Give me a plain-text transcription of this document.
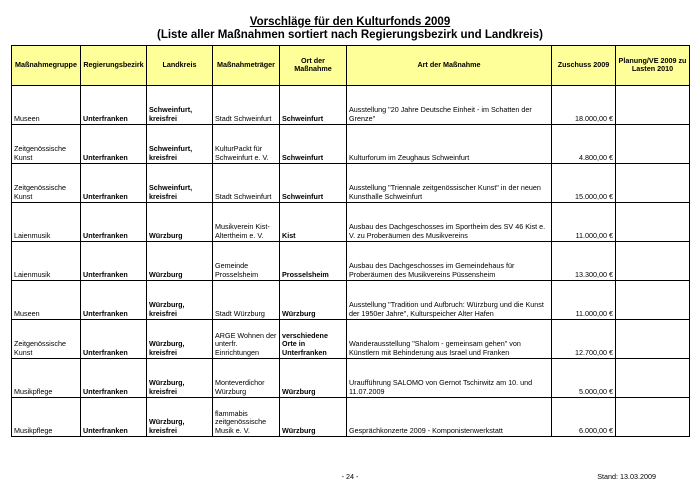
Vorschläge für den Kulturfonds 2009
(Liste aller Maßnahmen sortiert nach Regierungsbezirk und Landkreis)
Maßnahmegruppe	Regierungsbezirk	Landkreis	Maßnahmeträger	Ort der Maßnahme	Art der Maßnahme	Zuschuss 2009	Planung/VE 2009 zu Lasten 2010
Museen	Unterfranken	Schweinfurt, kreisfrei	Stadt Schweinfurt	Schweinfurt	Ausstellung "20 Jahre Deutsche Einheit - im Schatten der Grenze"	18.000,00 €	
Zeitgenössische Kunst	Unterfranken	Schweinfurt, kreisfrei	KulturPackt für Schweinfurt e. V.	Schweinfurt	Kulturforum im Zeughaus Schweinfurt	4.800,00 €	
Zeitgenössische Kunst	Unterfranken	Schweinfurt, kreisfrei	Stadt Schweinfurt	Schweinfurt	Ausstellung "Triennale zeitgenössischer Kunst" in der neuen Kunsthalle Schweinfurt	15.000,00 €	
Laienmusik	Unterfranken	Würzburg	Musikverein Kist-Altertheim e. V.	Kist	Ausbau des Dachgeschosses im Sportheim des SV 46 Kist e. V. zu Proberäumen des Musikvereins	11.000,00 €	
Laienmusik	Unterfranken	Würzburg	Gemeinde Prosselsheim	Prosselsheim	Ausbau des Dachgeschosses im Gemeindehaus für Proberäumen des Musikvereins Püssensheim	13.300,00 €	
Museen	Unterfranken	Würzburg, kreisfrei	Stadt Würzburg	Würzburg	Ausstellung "Tradition und Aufbruch: Würzburg und die Kunst der 1950er Jahre", Kulturspeicher Alter Hafen	11.000,00 €	
Zeitgenössische Kunst	Unterfranken	Würzburg, kreisfrei	ARGE Wohnen der unterfr. Einrichtungen	verschiedene Orte in Unterfranken	Wanderausstellung "Shalom - gemeinsam gehen" von Künstlern mit Behinderung aus Israel und Franken	12.700,00 €	
Musikpflege	Unterfranken	Würzburg, kreisfrei	Monteverdichor Würzburg	Würzburg	Uraufführung SALOMO von Gernot Tschirwitz am 10. und 11.07.2009	5.000,00 €	
Musikpflege	Unterfranken	Würzburg, kreisfrei	flammabis zeitgenössische Musik e. V.	Würzburg	Gesprächkonzerte 2009 - Komponistenwerkstatt	6.000,00 €	
- 24 -	Stand: 13.03.2009
